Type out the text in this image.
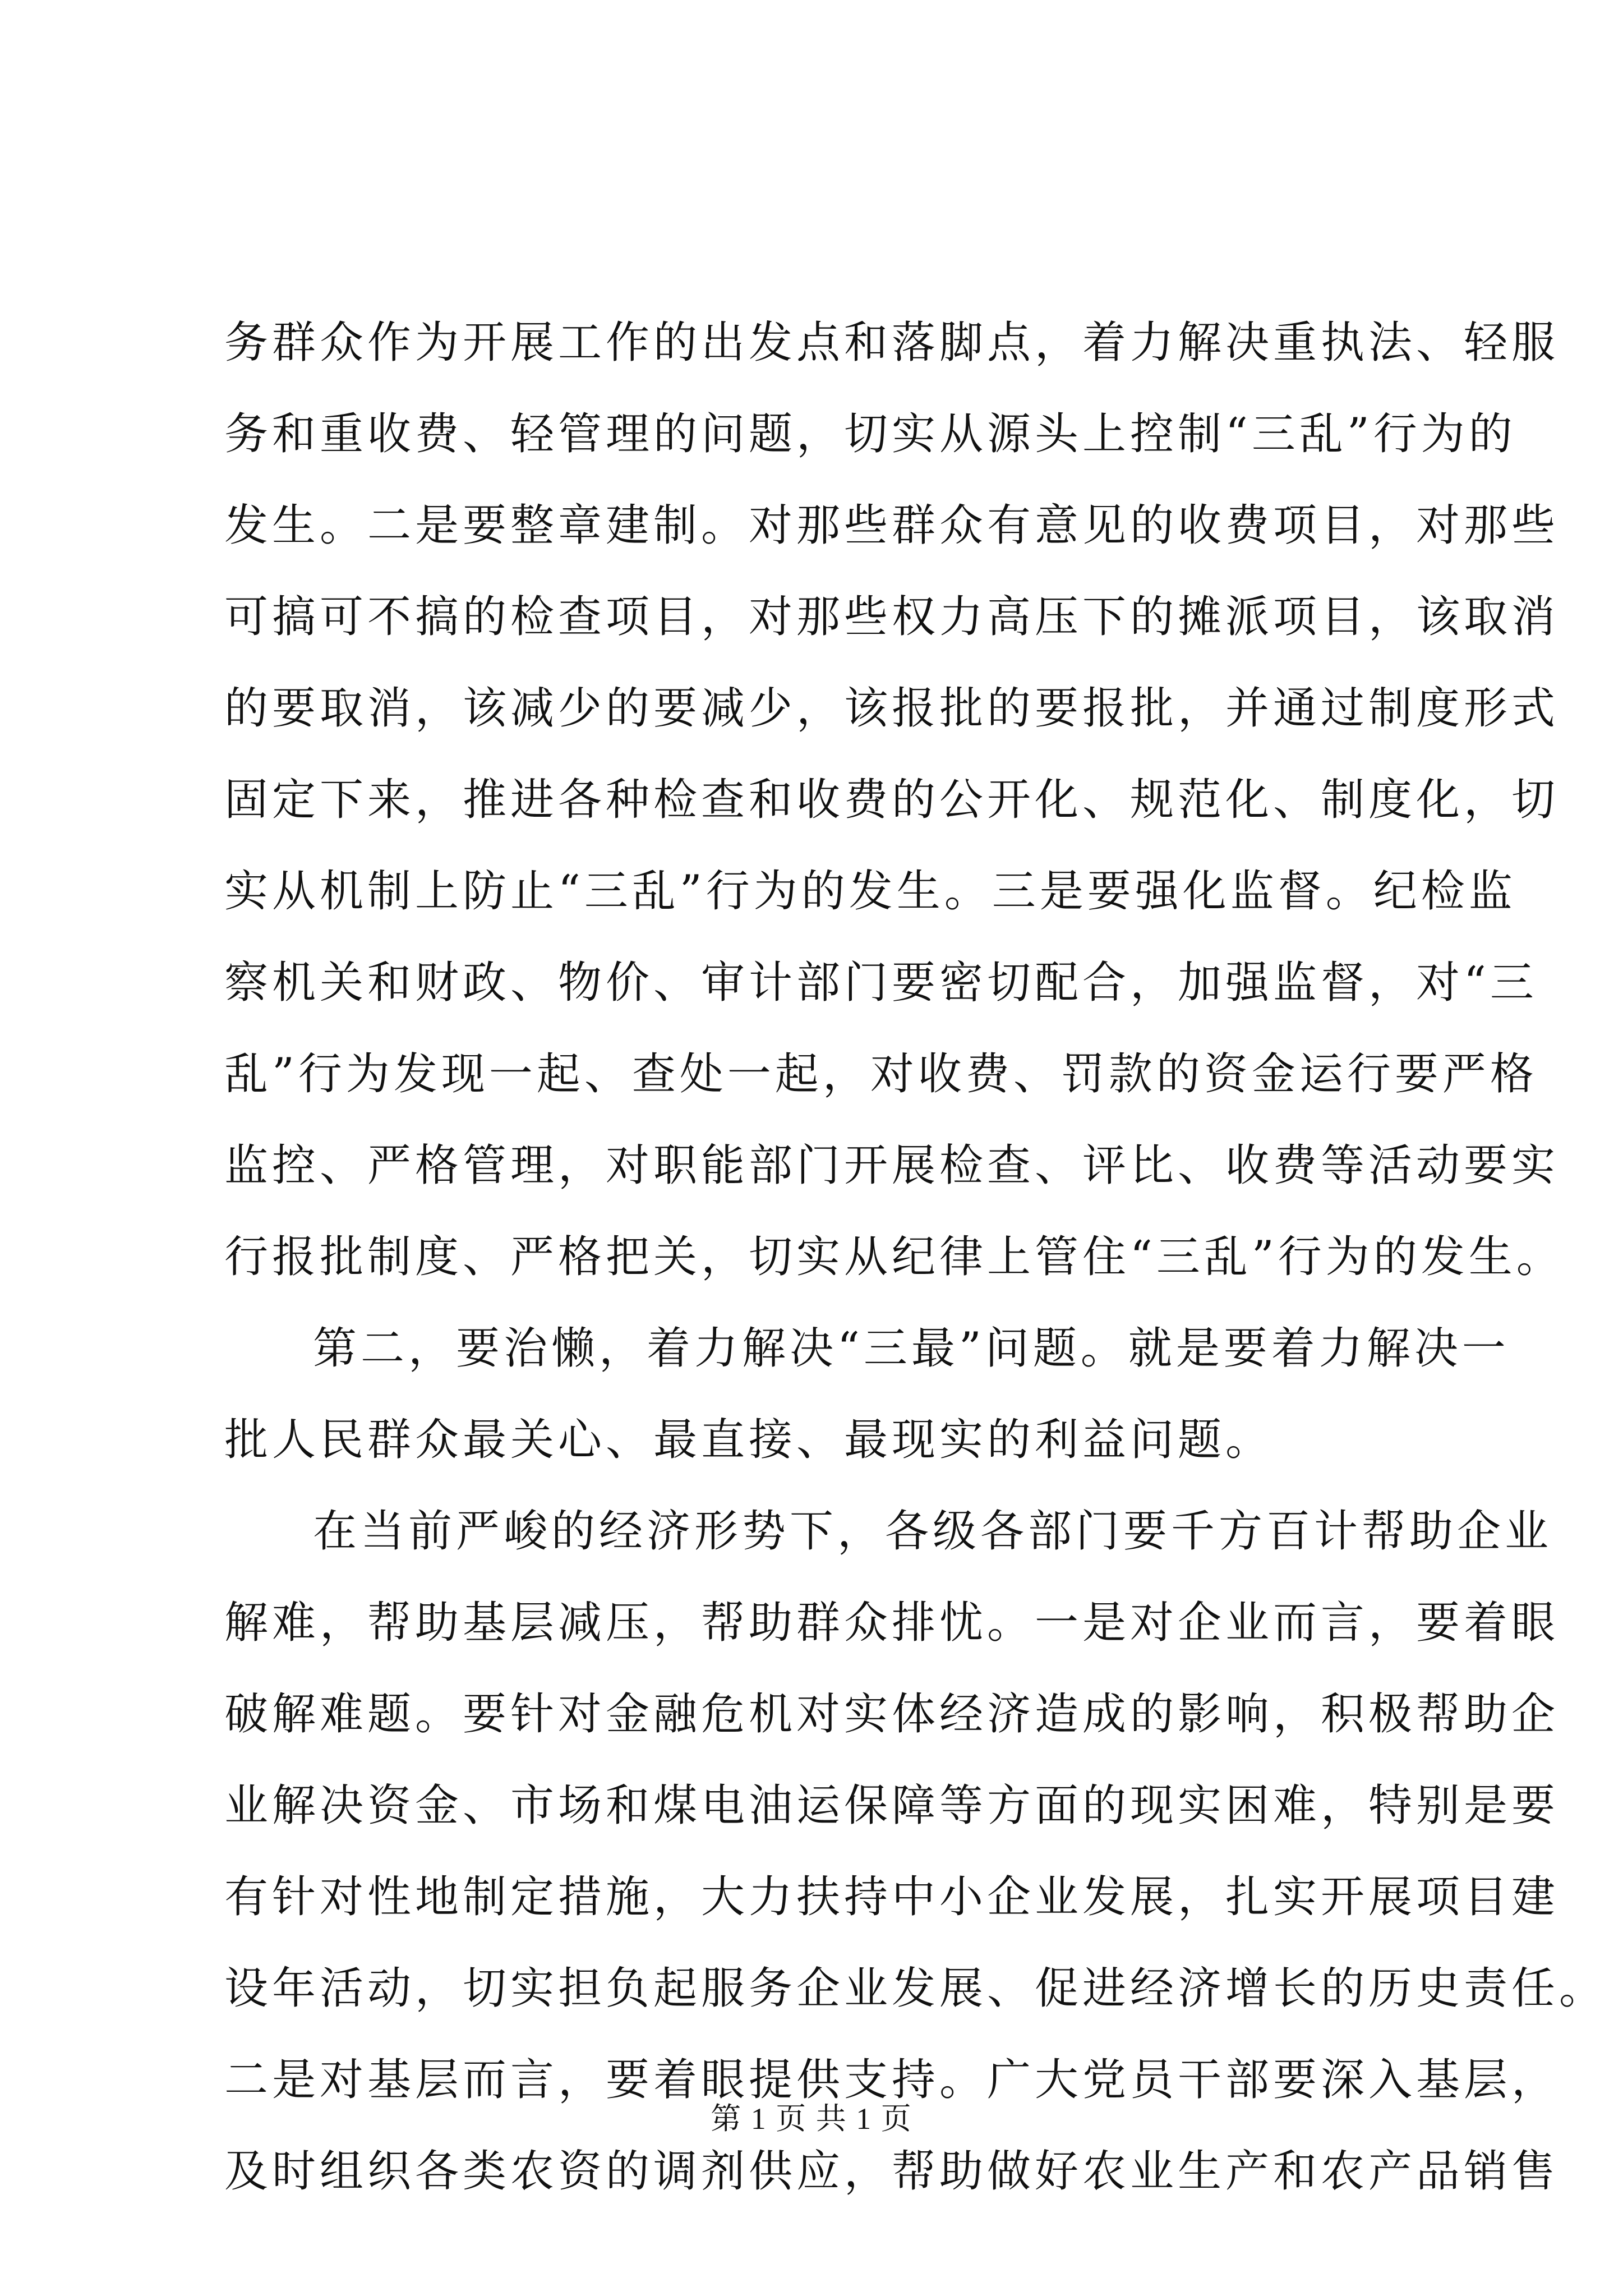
务群众作为开展工作的出发点和落脚点，着力解决重执法、轻服
务和重收费、轻管理的问题，切实从源头上控制“三乱”行为的
发生。二是要整章建制。对那些群众有意见的收费项目，对那些
可搞可不搞的检查项目，对那些权力高压下的摊派项目，该取消
的要取消，该减少的要减少，该报批的要报批，并通过制度形式
固定下来，推进各种检查和收费的公开化、规范化、制度化，切
实从机制上防止“三乱”行为的发生。三是要强化监督。纪检监
察机关和财政、物价、审计部门要密切配合，加强监督，对“三
乱”行为发现一起、查处一起，对收费、罚款的资金运行要严格
监控、严格管理，对职能部门开展检查、评比、收费等活动要实
行报批制度、严格把关，切实从纪律上管住“三乱”行为的发生。
第二，要治懒，着力解决“三最”问题。就是要着力解决一
批人民群众最关心、最直接、最现实的利益问题。
在当前严峻的经济形势下，各级各部门要千方百计帮助企业
解难，帮助基层减压，帮助群众排忧。一是对企业而言，要着眼
破解难题。要针对金融危机对实体经济造成的影响，积极帮助企
业解决资金、市场和煤电油运保障等方面的现实困难，特别是要
有针对性地制定措施，大力扶持中小企业发展，扎实开展项目建
设年活动，切实担负起服务企业发展、促进经济增长的历史责任。
二是对基层而言，要着眼提供支持。广大党员干部要深入基层，
及时组织各类农资的调剂供应，帮助做好农业生产和农产品销售
第 1 页 共 1 页
